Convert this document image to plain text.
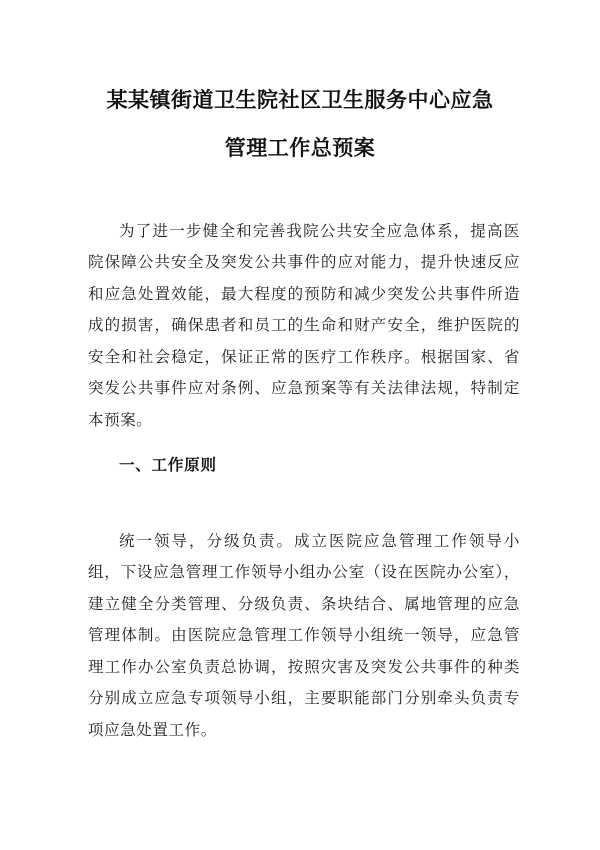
某某镇街道卫生院社区卫生服务中心应急
管理工作总预案

为了进一步健全和完善我院公共安全应急体系，提高医院保障公共安全及突发公共事件的应对能力，提升快速反应和应急处置效能，最大程度的预防和减少突发公共事件所造成的损害，确保患者和员工的生命和财产安全，维护医院的安全和社会稳定，保证正常的医疗工作秩序。根据国家、省突发公共事件应对条例、应急预案等有关法律法规，特制定本预案。

一、工作原则

统一领导，分级负责。成立医院应急管理工作领导小组，下设应急管理工作领导小组办公室（设在医院办公室），建立健全分类管理、分级负责、条块结合、属地管理的应急管理体制。由医院应急管理工作领导小组统一领导，应急管理工作办公室负责总协调，按照灾害及突发公共事件的种类分别成立应急专项领导小组，主要职能部门分别牵头负责专项应急处置工作。
